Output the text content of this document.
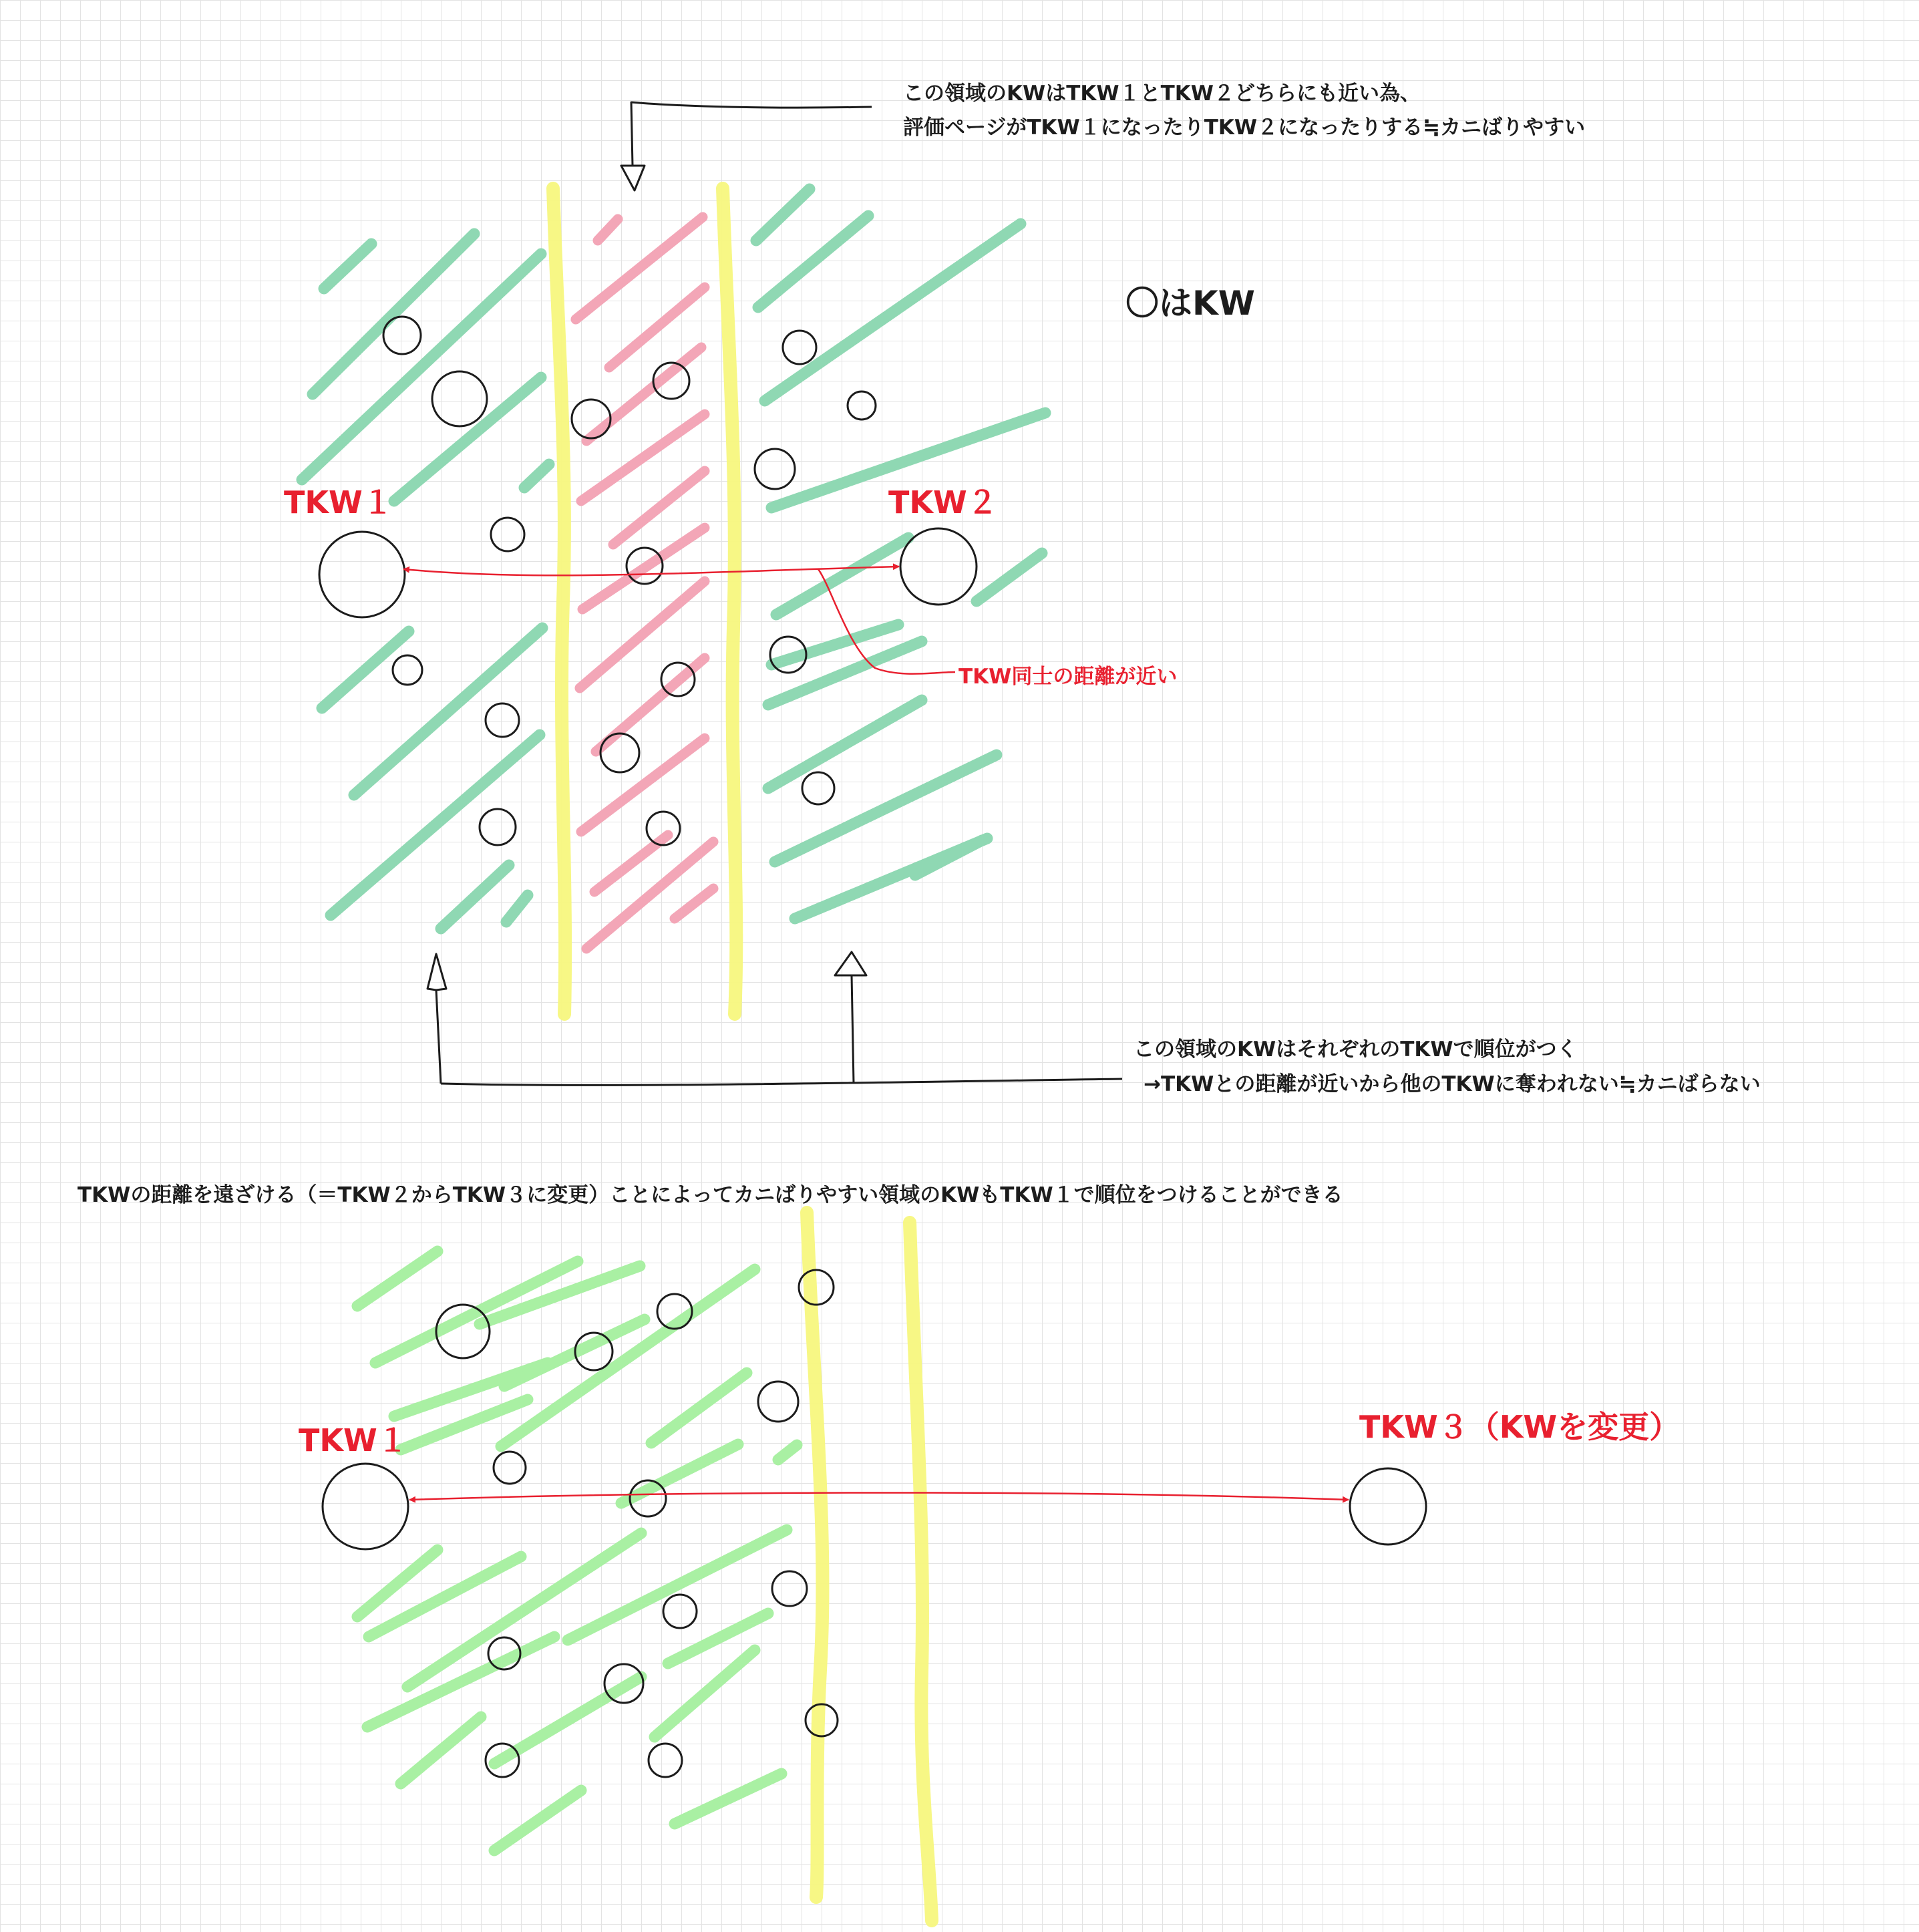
この領域のKWはTKW１とTKW２どちらにも近い為、

評価ページがTKW１になったりTKW２になったりする≒カニばりやすい

〇はKW

TKW１	TKW２

TKW同士の距離が近い

この領域のKWはそれぞれのTKWで順位がつく

→TKWとの距離が近いから他のTKWに奪われない≒カニばらない

TKWの距離を遠ざける（＝TKW２からTKW３に変更）ことによってカニばりやすい領域のKWもTKW１で順位をつけることができる

TKW１	TKW３（KWを変更）
